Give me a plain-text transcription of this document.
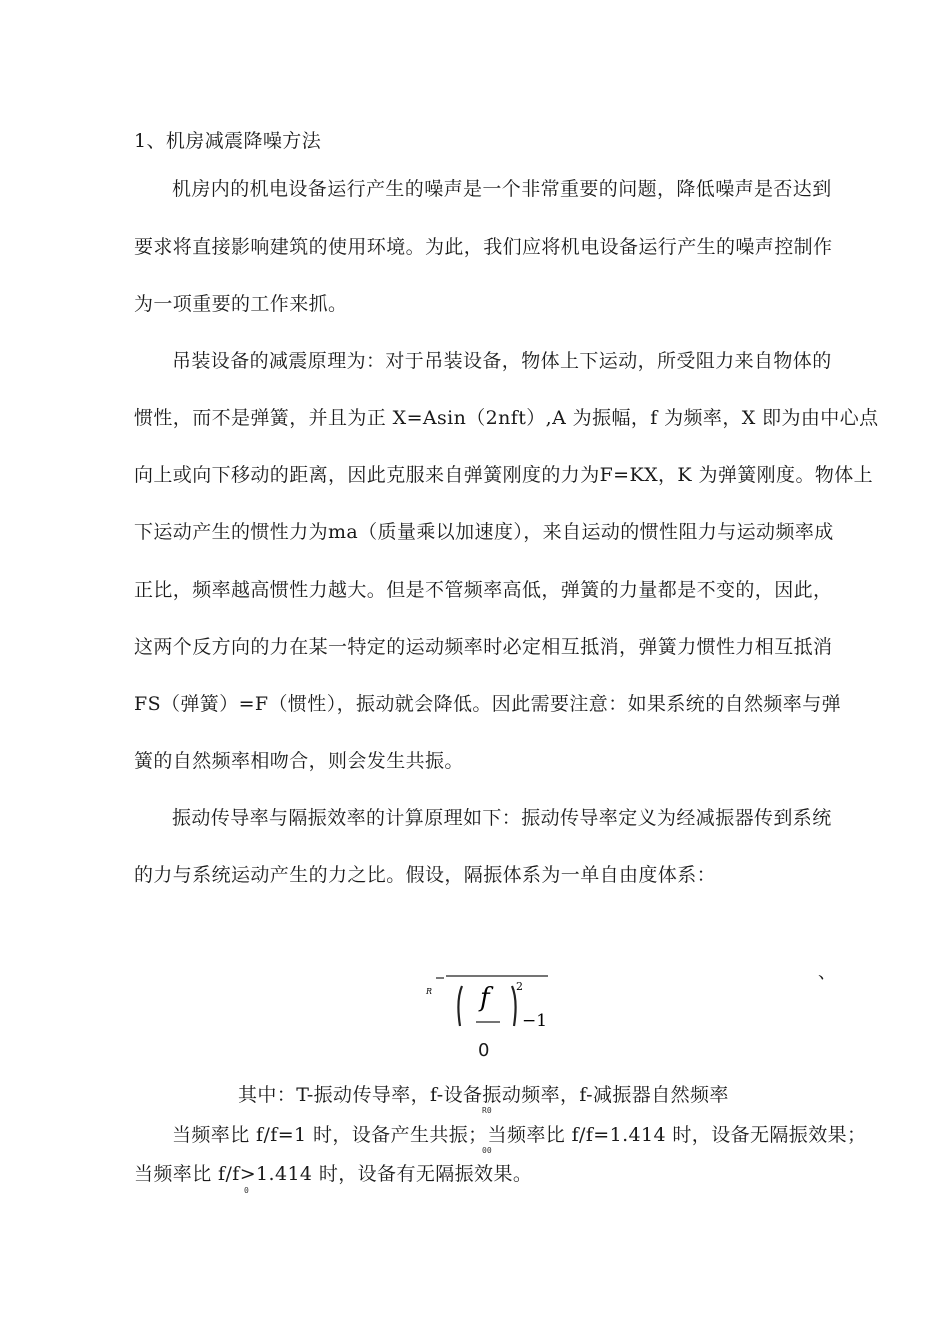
1、机房减震降噪方法
机房内的机电设备运行产生的噪声是一个非常重要的问题，降低噪声是否达到
要求将直接影响建筑的使用环境。为此，我们应将机电设备运行产生的噪声控制作
为一项重要的工作来抓。
吊装设备的减震原理为：对于吊装设备，物体上下运动，所受阻力来自物体的
惯性，而不是弹簧，并且为正 X=Asin（2nft）,A 为振幅，f 为频率，X 即为由中心点
向上或向下移动的距离，因此克服来自弹簧刚度的力为F=KX，K 为弹簧刚度。物体上
下运动产生的惯性力为ma（质量乘以加速度），来自运动的惯性阻力与运动频率成
正比，频率越高惯性力越大。但是不管频率高低，弹簧的力量都是不变的，因此，
这两个反方向的力在某一特定的运动频率时必定相互抵消，弹簧力惯性力相互抵消
FS（弹簧）=F（惯性），振动就会降低。因此需要注意：如果系统的自然频率与弹
簧的自然频率相吻合，则会发生共振。
振动传导率与隔振效率的计算原理如下：振动传导率定义为经减振器传到系统
的力与系统运动产生的力之比。假设，隔振体系为一单自由度体系：
R f	2
−1
、
0
其中：T-振动传导率，f-设备振动频率，f-减振器自然频率
R0
当频率比 f/f=1 时，设备产生共振；当频率比 f/f=1.414 时，设备无隔振效果；
00
当频率比 f/f>1.414 时，设备有无隔振效果。
0
